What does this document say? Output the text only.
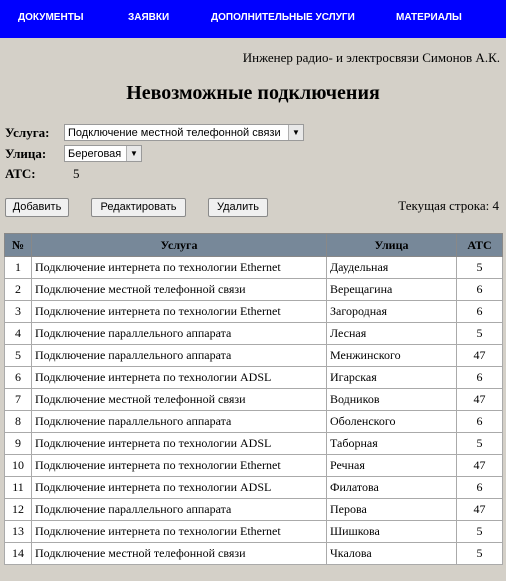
ДОКУМЕНТЫ	ЗАЯВКИ	ДОПОЛНИТЕЛЬНЫЕ УСЛУГИ	МАТЕРИАЛЫ
Инженер радио- и электросвязи Симонов А.К.
Невозможные подключения
Услуга:	Подключение местной телефонной связи	▼
Улица:	Береговая	▼
АТС:	5
Добавить	Редактировать	Удалить	Текущая строка: 4
№	Услуга	Улица	АТС
1	Подключение интернета по технологии Ethernet	Даудельная	5
2	Подключение местной телефонной связи	Верещагина	6
3	Подключение интернета по технологии Ethernet	Загородная	6
4	Подключение параллельного аппарата	Лесная	5
5	Подключение параллельного аппарата	Менжинского	47
6	Подключение интернета по технологии ADSL	Игарская	6
7	Подключение местной телефонной связи	Водников	47
8	Подключение параллельного аппарата	Оболенского	6
9	Подключение интернета по технологии ADSL	Таборная	5
10	Подключение интернета по технологии Ethernet	Речная	47
11	Подключение интернета по технологии ADSL	Филатова	6
12	Подключение параллельного аппарата	Перова	47
13	Подключение интернета по технологии Ethernet	Шишкова	5
14	Подключение местной телефонной связи	Чкалова	5
